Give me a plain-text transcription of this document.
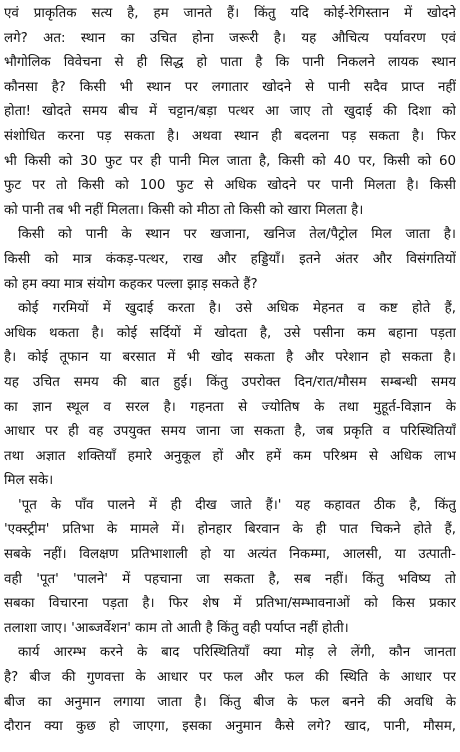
एवं प्राकृतिक सत्य है, हम जानते हैं। किंतु यदि कोई-रेगिस्तान में खोदने
लगे? अत: स्थान का उचित होना जरूरी है। यह औचित्य पर्यावरण एवं
भौगोलिक विवेचना से ही सिद्ध हो पाता है कि पानी निकलने लायक स्थान
कौनसा है? किसी भी स्थान पर लगातार खोदने से पानी सदैव प्राप्त नहीं
होता! खोदते समय बीच में चट्टान/बड़ा पत्थर आ जाए तो खुदाई की दिशा को
संशोधित करना पड़ सकता है। अथवा स्थान ही बदलना पड़ सकता है। फिर
भी किसी को 30 फुट पर ही पानी मिल जाता है, किसी को 40 पर, किसी को 60
फुट पर तो किसी को 100 फुट से अधिक खोदने पर पानी मिलता है। किसी
को पानी तब भी नहीं मिलता। किसी को मीठा तो किसी को खारा मिलता है।
किसी को पानी के स्थान पर खजाना, खनिज तेल/पैट्रोल मिल जाता है।
किसी को मात्र कंकड़-पत्थर, राख और हड्डियाँ। इतने अंतर और विसंगतियों
को हम क्या मात्र संयोग कहकर पल्ला झाड़ सकते हैं?
कोई गरमियों में खुदाई करता है। उसे अधिक मेहनत व कष्ट होते हैं,
अधिक थकता है। कोई सर्दियों में खोदता है, उसे पसीना कम बहाना पड़ता
है। कोई तूफान या बरसात में भी खोद सकता है और परेशान हो सकता है।
यह उचित समय की बात हुई। किंतु उपरोक्त दिन/रात/मौसम सम्बन्धी समय
का ज्ञान स्थूल व सरल है। गहनता से ज्योतिष के तथा मुहूर्त-विज्ञान के
आधार पर ही वह उपयुक्त समय जाना जा सकता है, जब प्रकृति व परिस्थितियाँ
तथा अज्ञात शक्तियाँ हमारे अनुकूल हों और हमें कम परिश्रम से अधिक लाभ
मिल सके।
'पूत के पाँव पालने में ही दीख जाते हैं।' यह कहावत ठीक है, किंतु
'एक्स्ट्रीम' प्रतिभा के मामले में। होनहार बिरवान के ही पात चिकने होते हैं,
सबके नहीं। विलक्षण प्रतिभाशाली हो या अत्यंत निकम्मा, आलसी, या उत्पाती-
वही 'पूत' 'पालने' में पहचाना जा सकता है, सब नहीं। किंतु भविष्य तो
सबका विचारना पड़ता है। फिर शेष में प्रतिभा/सम्भावनाओं को किस प्रकार
तलाशा जाए। 'आब्जर्वेशन' काम तो आती है किंतु वही पर्याप्त नहीं होती।
कार्य आरम्भ करने के बाद परिस्थितियाँ क्या मोड़ ले लेंगी, कौन जानता
है? बीज की गुणवत्ता के आधार पर फल और फल की स्थिति के आधार पर
बीज का अनुमान लगाया जाता है। किंतु बीज के फल बनने की अवधि के
दौरान क्या कुछ हो जाएगा, इसका अनुमान कैसे लगे? खाद, पानी, मौसम,
